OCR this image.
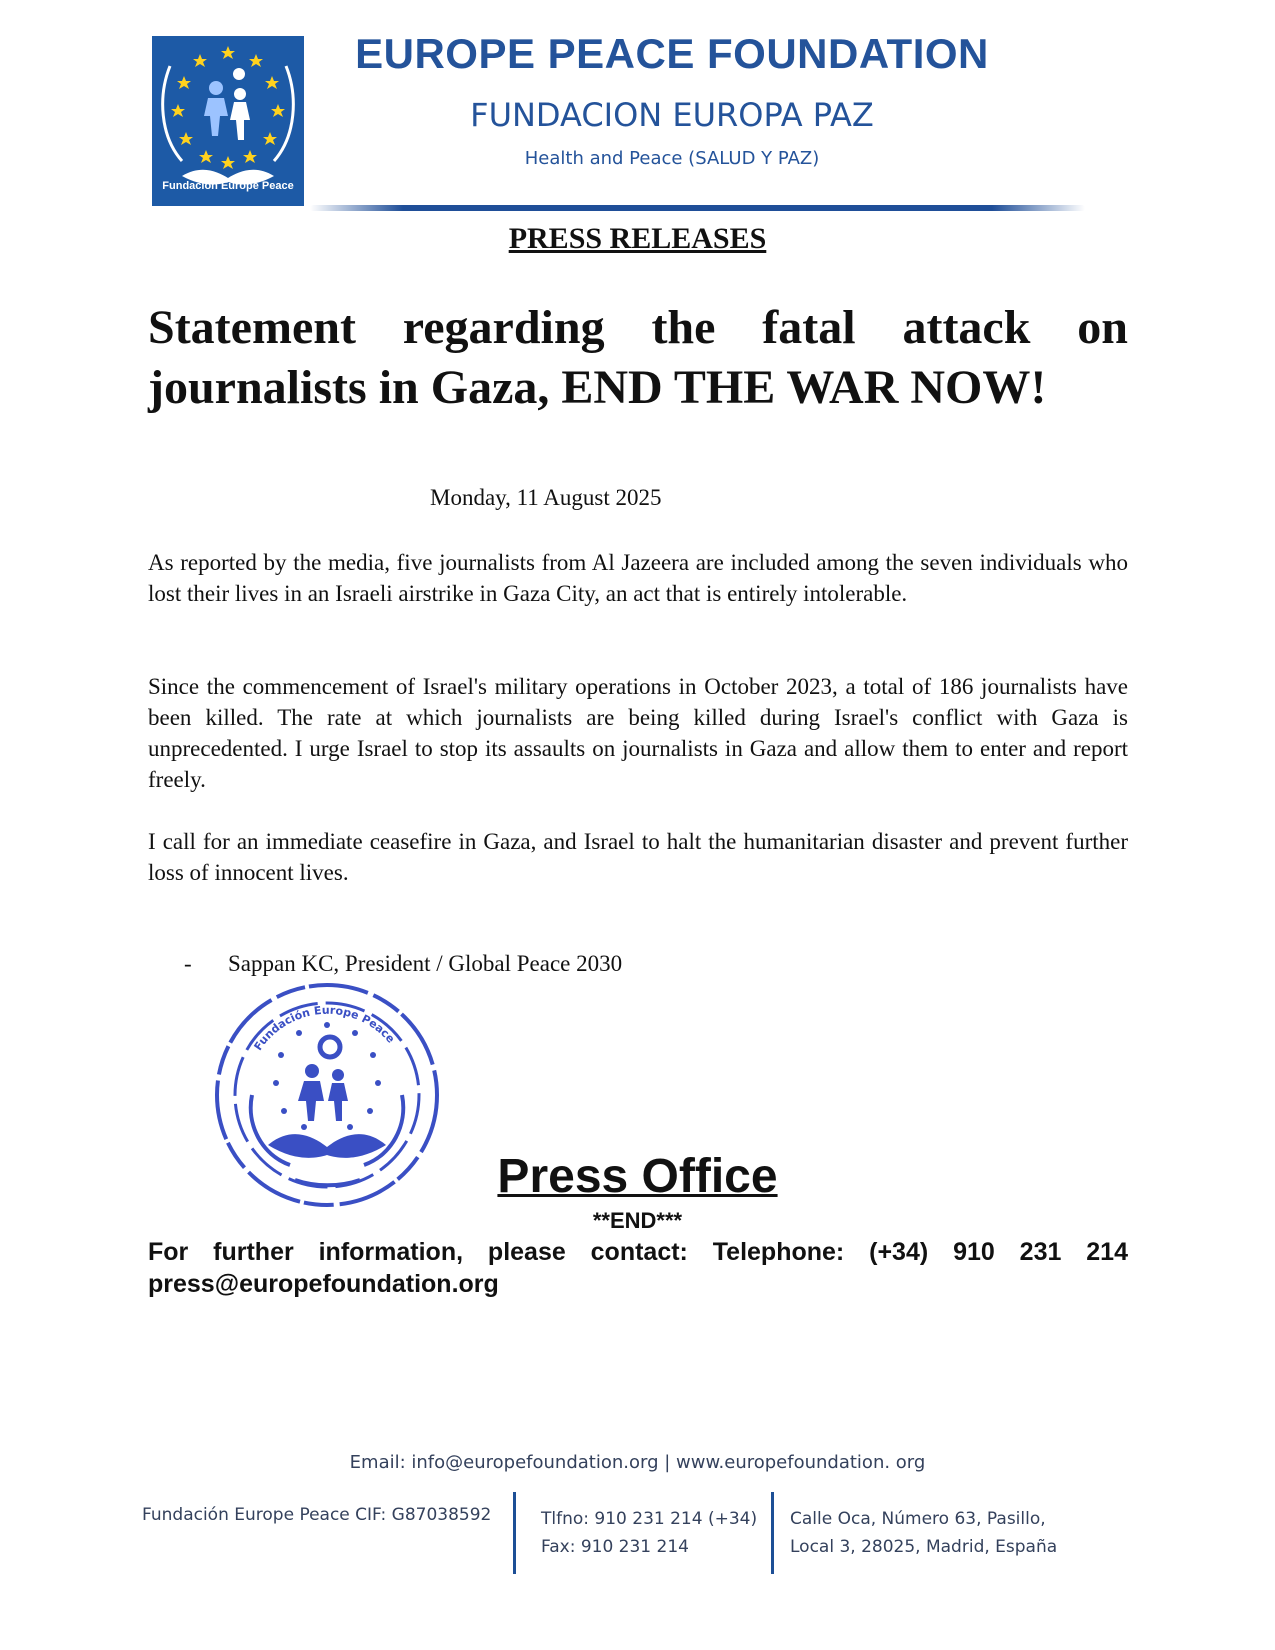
Fundación Europe Peace
EUROPE PEACE FOUNDATION
FUNDACION EUROPA PAZ
Health and Peace (SALUD Y PAZ)
PRESS RELEASES
Statement regarding the fatal attack on journalists in Gaza, END THE WAR NOW!
Monday, 11 August 2025

As reported by the media, five journalists from Al Jazeera are included among the seven individuals who lost their lives in an Israeli airstrike in Gaza City, an act that is entirely intolerable.

Since the commencement of Israel's military operations in October 2023, a total of 186 journalists have been killed. The rate at which journalists are being killed during Israel's conflict with Gaza is unprecedented. I urge Israel to stop its assaults on journalists in Gaza and allow them to enter and report freely.

I call for an immediate ceasefire in Gaza, and Israel to halt the humanitarian disaster and prevent further loss of innocent lives.

- Sappan KC, President / Global Peace 2030
Fundación Europe Peace
Press Office
**END***
For further information, please contact: Telephone: (+34) 910 231 214 press@europefoundation.org
Email: info@europefoundation.org | www.europefoundation. org
Fundación Europe Peace CIF: G87038592	Tlfno: 910 231 214 (+34)
Fax: 910 231 214
Calle Oca, Número 63, Pasillo,
Local 3, 28025, Madrid, España
